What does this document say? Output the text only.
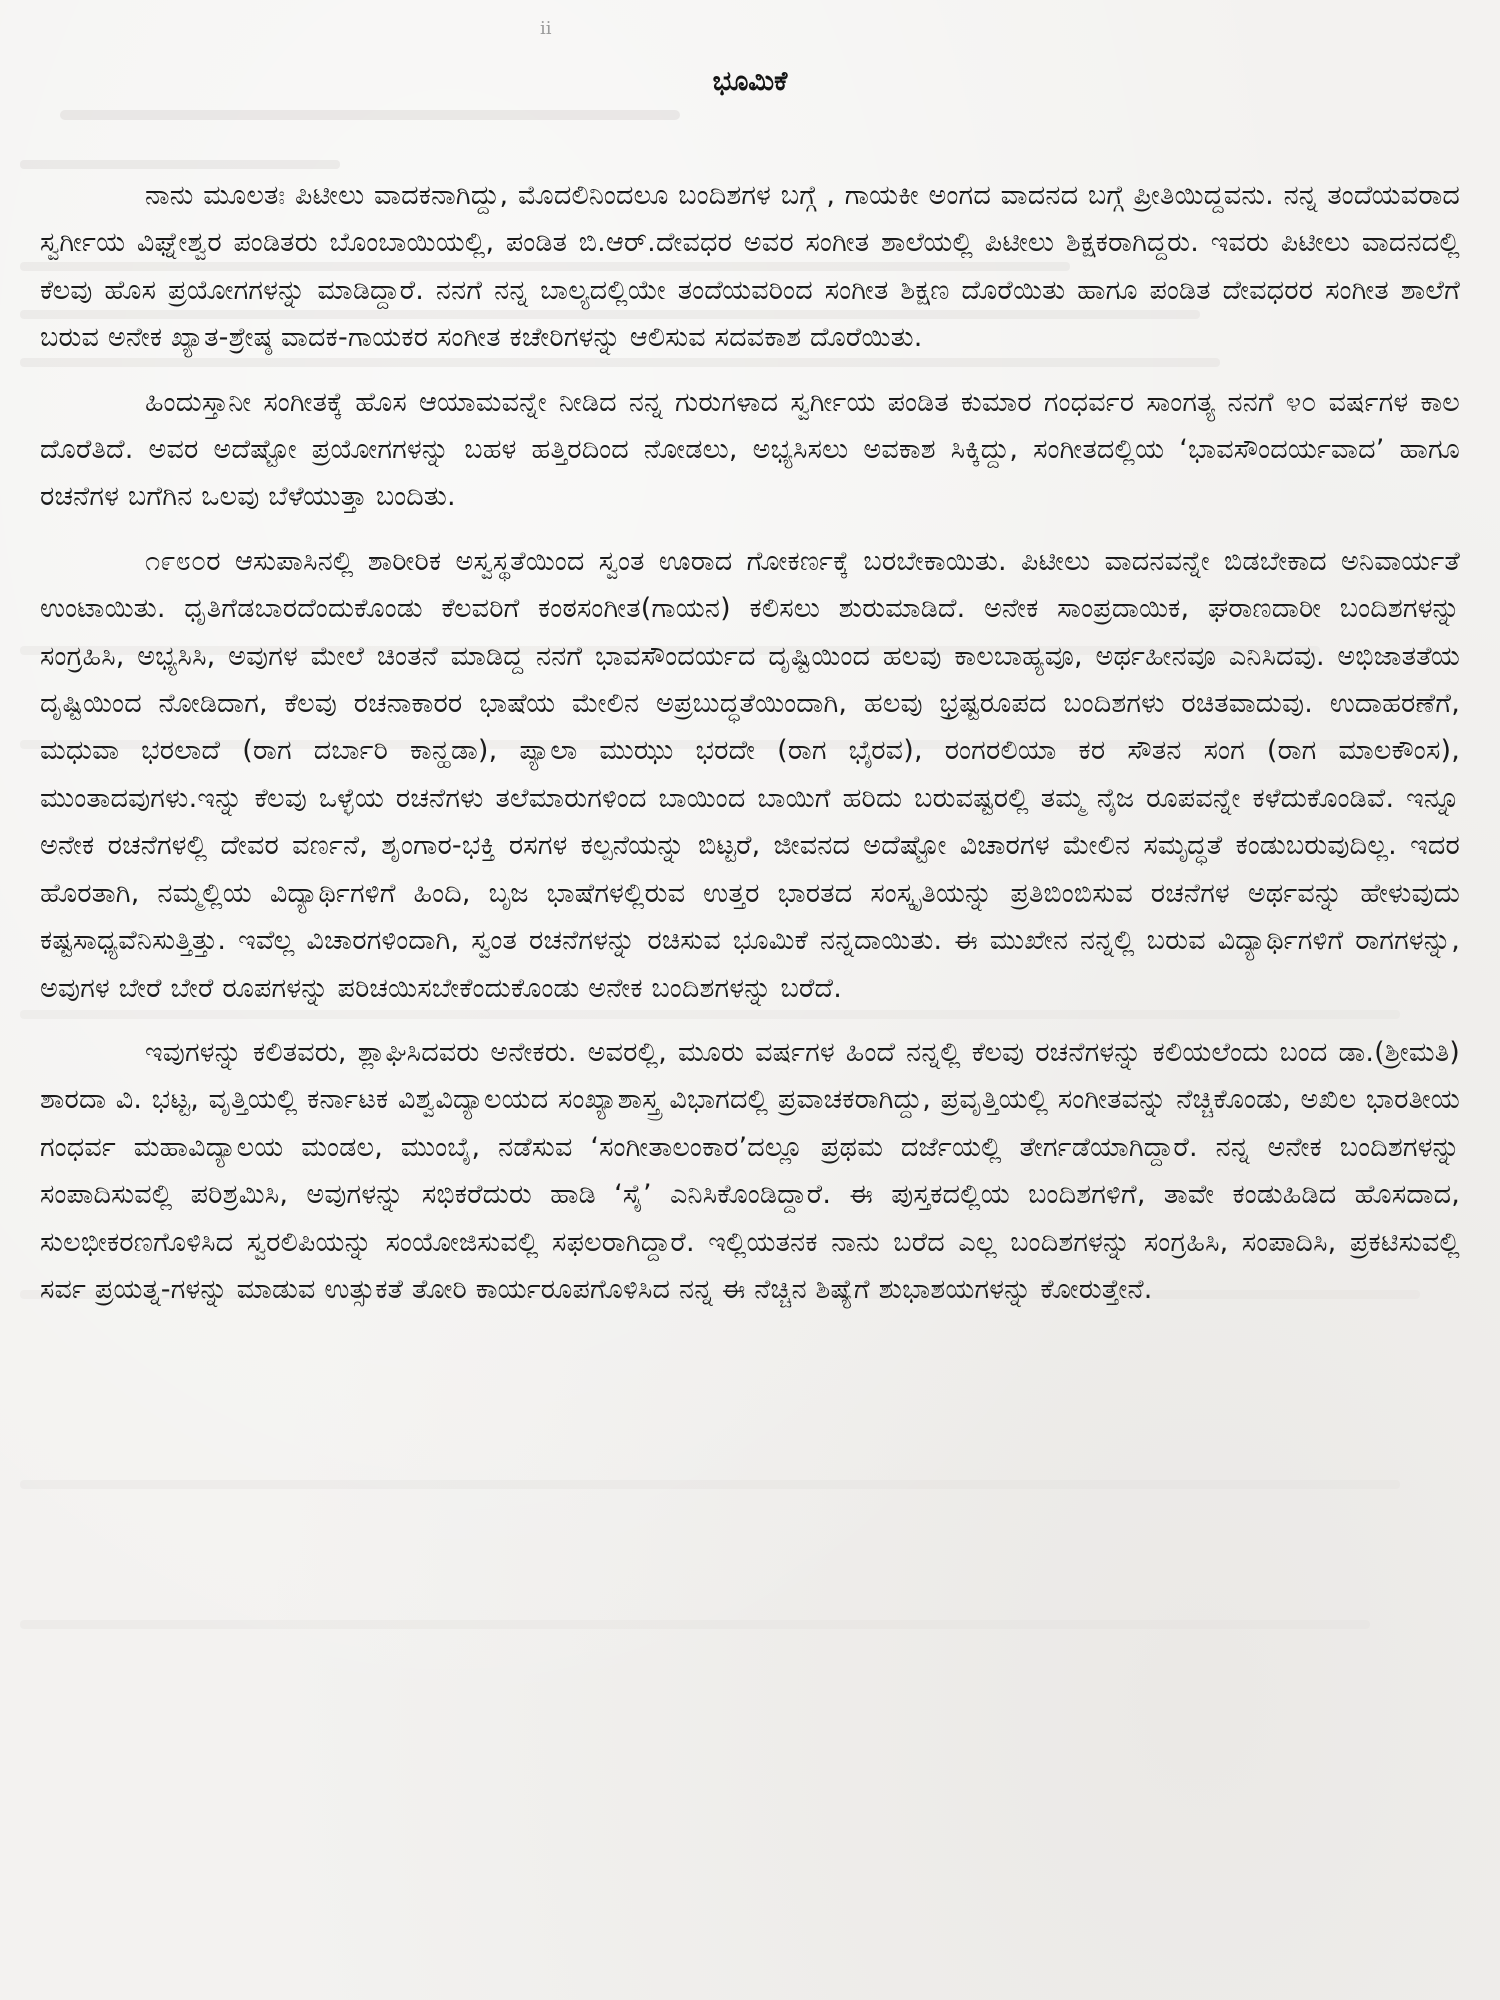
ii
ಭೂಮಿಕೆ

ನಾನು ಮೂಲತಃ ಪಿಟೀಲು ವಾದಕನಾಗಿದ್ದು, ಮೊದಲಿನಿಂದಲೂ ಬಂದಿಶಗಳ ಬಗ್ಗೆ , ಗಾಯಕೀ ಅಂಗದ ವಾದನದ ಬಗ್ಗೆ ಪ್ರೀತಿಯಿದ್ದವನು. ನನ್ನ ತಂದೆಯವರಾದ ಸ್ವರ್ಗೀಯ ವಿಘ್ನೇಶ್ವರ ಪಂಡಿತರು ಬೊಂಬಾಯಿಯಲ್ಲಿ, ಪಂಡಿತ ಬಿ.ಆರ್.ದೇವಧರ ಅವರ ಸಂಗೀತ ಶಾಲೆಯಲ್ಲಿ ಪಿಟೀಲು ಶಿಕ್ಷಕರಾಗಿದ್ದರು. ಇವರು ಪಿಟೀಲು ವಾದನದಲ್ಲಿ ಕೆಲವು ಹೊಸ ಪ್ರಯೋಗಗಳನ್ನು ಮಾಡಿದ್ದಾರೆ. ನನಗೆ ನನ್ನ ಬಾಲ್ಯದಲ್ಲಿಯೇ ತಂದೆಯವರಿಂದ ಸಂಗೀತ ಶಿಕ್ಷಣ ದೊರೆಯಿತು ಹಾಗೂ ಪಂಡಿತ ದೇವಧರರ ಸಂಗೀತ ಶಾಲೆಗೆ ಬರುವ ಅನೇಕ ಖ್ಯಾತ-ಶ್ರೇಷ್ಠ ವಾದಕ-ಗಾಯಕರ ಸಂಗೀತ ಕಚೇರಿಗಳನ್ನು ಆಲಿಸುವ ಸದವಕಾಶ ದೊರೆಯಿತು.

ಹಿಂದುಸ್ತಾನೀ ಸಂಗೀತಕ್ಕೆ ಹೊಸ ಆಯಾಮವನ್ನೇ ನೀಡಿದ ನನ್ನ ಗುರುಗಳಾದ ಸ್ವರ್ಗೀಯ ಪಂಡಿತ ಕುಮಾರ ಗಂಧರ್ವರ ಸಾಂಗತ್ಯ ನನಗೆ ೪೦ ವರ್ಷಗಳ ಕಾಲ ದೊರೆತಿದೆ. ಅವರ ಅದೆಷ್ಟೋ ಪ್ರಯೋಗಗಳನ್ನು ಬಹಳ ಹತ್ತಿರದಿಂದ ನೋಡಲು, ಅಭ್ಯಸಿಸಲು ಅವಕಾಶ ಸಿಕ್ಕಿದ್ದು, ಸಂಗೀತದಲ್ಲಿಯ ‘ಭಾವಸೌಂದರ್ಯವಾದ’ ಹಾಗೂ ರಚನೆಗಳ ಬಗೆಗಿನ ಒಲವು ಬೆಳೆಯುತ್ತಾ ಬಂದಿತು.

೧೯೮೦ರ ಆಸುಪಾಸಿನಲ್ಲಿ ಶಾರೀರಿಕ ಅಸ್ವಸ್ಥತೆಯಿಂದ ಸ್ವಂತ ಊರಾದ ಗೋಕರ್ಣಕ್ಕೆ ಬರಬೇಕಾಯಿತು. ಪಿಟೀಲು ವಾದನವನ್ನೇ ಬಿಡಬೇಕಾದ ಅನಿವಾರ್ಯತೆ ಉಂಟಾಯಿತು. ಧೃತಿಗೆಡಬಾರದೆಂದುಕೊಂಡು ಕೆಲವರಿಗೆ ಕಂಠಸಂಗೀತ(ಗಾಯನ) ಕಲಿಸಲು ಶುರುಮಾಡಿದೆ. ಅನೇಕ ಸಾಂಪ್ರದಾಯಿಕ, ಘರಾಣದಾರೀ ಬಂದಿಶಗಳನ್ನು ಸಂಗ್ರಹಿಸಿ, ಅಭ್ಯಸಿಸಿ, ಅವುಗಳ ಮೇಲೆ ಚಿಂತನೆ ಮಾಡಿದ್ದ ನನಗೆ ಭಾವಸೌಂದರ್ಯದ ದೃಷ್ಟಿಯಿಂದ ಹಲವು ಕಾಲಬಾಹ್ಯವೂ, ಅರ್ಥಹೀನವೂ ಎನಿಸಿದವು. ಅಭಿಜಾತತೆಯ ದೃಷ್ಟಿಯಿಂದ ನೋಡಿದಾಗ, ಕೆಲವು ರಚನಾಕಾರರ ಭಾಷೆಯ ಮೇಲಿನ ಅಪ್ರಬುದ್ಧತೆಯಿಂದಾಗಿ, ಹಲವು ಭ್ರಷ್ಟರೂಪದ ಬಂದಿಶಗಳು ರಚಿತವಾದುವು. ಉದಾಹರಣೆಗೆ, ಮಧುವಾ ಭರಲಾದೆ (ರಾಗ ದರ್ಬಾರಿ ಕಾನ್ಹಡಾ), ಪ್ಯಾಲಾ ಮುಝು ಭರದೇ (ರಾಗ ಭೈರವ), ರಂಗರಲಿಯಾ ಕರ ಸೌತನ ಸಂಗ (ರಾಗ ಮಾಲಕೌಂಸ), ಮುಂತಾದವುಗಳು.ಇನ್ನು ಕೆಲವು ಒಳ್ಳೆಯ ರಚನೆಗಳು ತಲೆಮಾರುಗಳಿಂದ ಬಾಯಿಂದ ಬಾಯಿಗೆ ಹರಿದು ಬರುವಷ್ಟರಲ್ಲಿ ತಮ್ಮ ನೈಜ ರೂಪವನ್ನೇ ಕಳೆದುಕೊಂಡಿವೆ. ಇನ್ನೂ ಅನೇಕ ರಚನೆಗಳಲ್ಲಿ ದೇವರ ವರ್ಣನೆ, ಶೃಂಗಾರ-ಭಕ್ತಿ ರಸಗಳ ಕಲ್ಪನೆಯನ್ನು ಬಿಟ್ಟರೆ, ಜೀವನದ ಅದೆಷ್ಟೋ ವಿಚಾರಗಳ ಮೇಲಿನ ಸಮೃದ್ಧತೆ ಕಂಡುಬರುವುದಿಲ್ಲ. ಇದರ ಹೊರತಾಗಿ, ನಮ್ಮಲ್ಲಿಯ ವಿದ್ಯಾರ್ಥಿಗಳಿಗೆ ಹಿಂದಿ, ಬೃಜ ಭಾಷೆಗಳಲ್ಲಿರುವ ಉತ್ತರ ಭಾರತದ ಸಂಸ್ಕೃತಿಯನ್ನು ಪ್ರತಿಬಿಂಬಿಸುವ ರಚನೆಗಳ ಅರ್ಥವನ್ನು ಹೇಳುವುದು ಕಷ್ಟಸಾಧ್ಯವೆನಿಸುತ್ತಿತ್ತು. ಇವೆಲ್ಲ ವಿಚಾರಗಳಿಂದಾಗಿ, ಸ್ವಂತ ರಚನೆಗಳನ್ನು ರಚಿಸುವ ಭೂಮಿಕೆ ನನ್ನದಾಯಿತು. ಈ ಮುಖೇನ ನನ್ನಲ್ಲಿ ಬರುವ ವಿದ್ಯಾರ್ಥಿಗಳಿಗೆ ರಾಗಗಳನ್ನು, ಅವುಗಳ ಬೇರೆ ಬೇರೆ ರೂಪಗಳನ್ನು ಪರಿಚಯಿಸಬೇಕೆಂದುಕೊಂಡು ಅನೇಕ ಬಂದಿಶಗಳನ್ನು ಬರೆದೆ.

ಇವುಗಳನ್ನು ಕಲಿತವರು, ಶ್ಲಾಘಿಸಿದವರು ಅನೇಕರು. ಅವರಲ್ಲಿ, ಮೂರು ವರ್ಷಗಳ ಹಿಂದೆ ನನ್ನಲ್ಲಿ ಕೆಲವು ರಚನೆಗಳನ್ನು ಕಲಿಯಲೆಂದು ಬಂದ ಡಾ.(ಶ್ರೀಮತಿ) ಶಾರದಾ ವಿ. ಭಟ್ಟ, ವೃತ್ತಿಯಲ್ಲಿ ಕರ್ನಾಟಕ ವಿಶ್ವವಿದ್ಯಾಲಯದ ಸಂಖ್ಯಾಶಾಸ್ತ್ರ ವಿಭಾಗದಲ್ಲಿ ಪ್ರವಾಚಕರಾಗಿದ್ದು, ಪ್ರವೃತ್ತಿಯಲ್ಲಿ ಸಂಗೀತವನ್ನು ನೆಚ್ಚಿಕೊಂಡು, ಅಖಿಲ ಭಾರತೀಯ ಗಂಧರ್ವ ಮಹಾವಿದ್ಯಾಲಯ ಮಂಡಲ, ಮುಂಬೈ, ನಡೆಸುವ ‘ಸಂಗೀತಾಲಂಕಾರ’ದಲ್ಲೂ ಪ್ರಥಮ ದರ್ಜೆಯಲ್ಲಿ ತೇರ್ಗಡೆಯಾಗಿದ್ದಾರೆ. ನನ್ನ ಅನೇಕ ಬಂದಿಶಗಳನ್ನು ಸಂಪಾದಿಸುವಲ್ಲಿ ಪರಿಶ್ರಮಿಸಿ, ಅವುಗಳನ್ನು ಸಭಿಕರೆದುರು ಹಾಡಿ ‘ಸೈ’ ಎನಿಸಿಕೊಂಡಿದ್ದಾರೆ. ಈ ಪುಸ್ತಕದಲ್ಲಿಯ ಬಂದಿಶಗಳಿಗೆ, ತಾವೇ ಕಂಡುಹಿಡಿದ ಹೊಸದಾದ, ಸುಲಭೀಕರಣಗೊಳಿಸಿದ ಸ್ವರಲಿಪಿಯನ್ನು ಸಂಯೋಜಿಸುವಲ್ಲಿ ಸಫಲರಾಗಿದ್ದಾರೆ. ಇಲ್ಲಿಯತನಕ ನಾನು ಬರೆದ ಎಲ್ಲ ಬಂದಿಶಗಳನ್ನು ಸಂಗ್ರಹಿಸಿ, ಸಂಪಾದಿಸಿ, ಪ್ರಕಟಿಸುವಲ್ಲಿ ಸರ್ವ ಪ್ರಯತ್ನ-ಗಳನ್ನು ಮಾಡುವ ಉತ್ಸುಕತೆ ತೋರಿ ಕಾರ್ಯರೂಪಗೊಳಿಸಿದ ನನ್ನ ಈ ನೆಚ್ಚಿನ ಶಿಷ್ಯೆಗೆ ಶುಭಾಶಯಗಳನ್ನು ಕೋರುತ್ತೇನೆ.
